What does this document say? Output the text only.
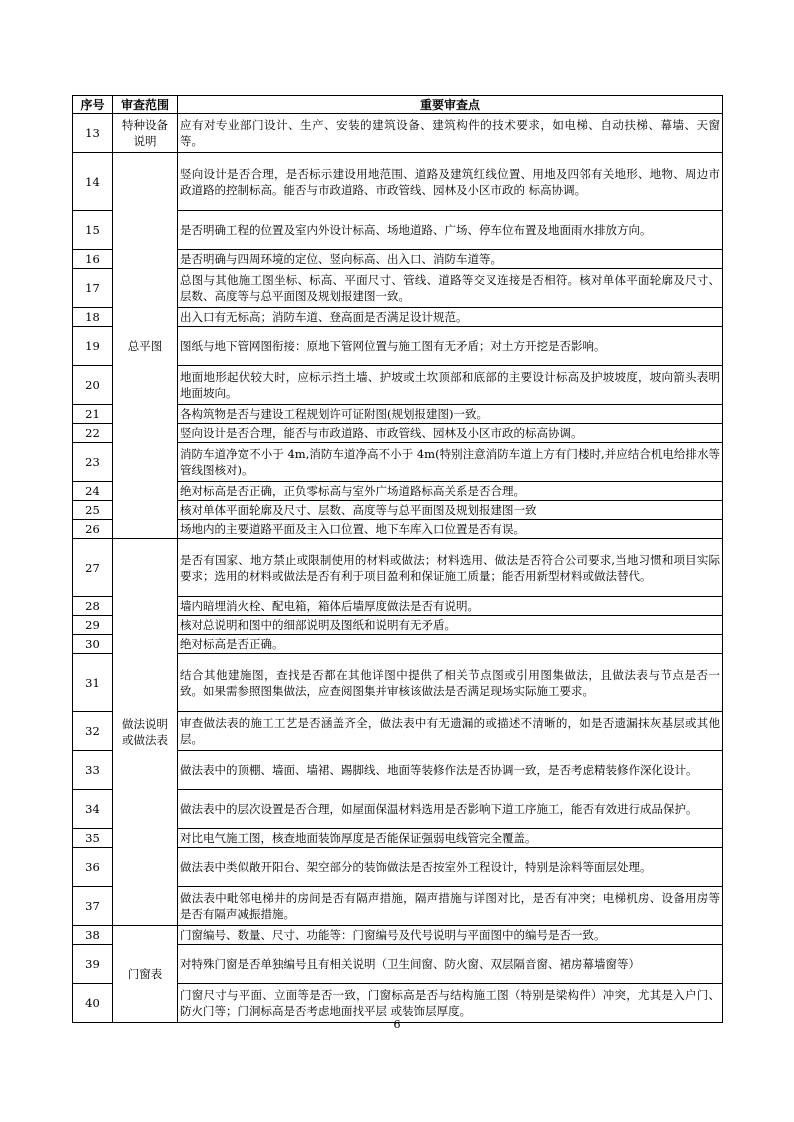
序号	审查范围	重要审查点
13	特种设备说明	应有对专业部门设计、生产、安装的建筑设备、建筑构件的技术要求，如电梯、自动扶梯、幕墙、天窗等。
14	总平图	竖向设计是否合理，是否标示建设用地范围、道路及建筑红线位置、用地及四邻有关地形、地物、周边市政道路的控制标高。能否与市政道路、市政管线、园林及小区市政的 标高协调。
15		是否明确工程的位置及室内外设计标高、场地道路、广场、停车位布置及地面雨水排放方向。
16		是否明确与四周环境的定位、竖向标高、出入口、消防车道等。
17		总图与其他施工图坐标、标高、平面尺寸、管线、道路等交叉连接是否相符。核对单体平面轮廓及尺寸、层数、高度等与总平面图及规划报建图一致。
18		出入口有无标高；消防车道、登高面是否满足设计规范。
19		图纸与地下管网图衔接：原地下管网位置与施工图有无矛盾；对土方开挖是否影响。
20		地面地形起伏较大时，应标示挡土墙、护坡或土坎顶部和底部的主要设计标高及护坡坡度，坡向箭头表明地面坡向。
21		各构筑物是否与建设工程规划许可证附图(规划报建图)一致。
22		竖向设计是否合理，能否与市政道路、市政管线、园林及小区市政的标高协调。
23		消防车道净宽不小于 4m,消防车道净高不小于 4m(特别注意消防车道上方有门楼时,并应结合机电给排水等管线图核对)。
24		绝对标高是否正确，正负零标高与室外广场道路标高关系是否合理。
25		核对单体平面轮廓及尺寸、层数、高度等与总平面图及规划报建图一致
26		场地内的主要道路平面及主入口位置、地下车库入口位置是否有误。
27	做法说明或做法表	是否有国家、地方禁止或限制使用的材料或做法；材料选用、做法是否符合公司要求,当地习惯和项目实际要求；选用的材料或做法是否有利于项目盈利和保证施工质量；能否用新型材料或做法替代。
28		墙内暗埋消火栓、配电箱，箱体后墙厚度做法是否有说明。
29		核对总说明和图中的细部说明及图纸和说明有无矛盾。
30		绝对标高是否正确。
31		结合其他建施图，查找是否都在其他详图中提供了相关节点图或引用图集做法，且做法表与节点是否一致。如果需参照图集做法，应查阅图集并审核该做法是否满足现场实际施工要求。
32		审查做法表的施工工艺是否涵盖齐全，做法表中有无遗漏的或描述不清晰的，如是否遗漏抹灰基层或其他层。
33		做法表中的顶棚、墙面、墙裙、踢脚线、地面等装修作法是否协调一致，是否考虑精装修作深化设计。
34		做法表中的层次设置是否合理，如屋面保温材料选用是否影响下道工序施工，能否有效进行成品保护。
35		对比电气施工图，核查地面装饰厚度是否能保证强弱电线管完全覆盖。
36		做法表中类似敞开阳台、架空部分的装饰做法是否按室外工程设计，特别是涂料等面层处理。
37		做法表中毗邻电梯井的房间是否有隔声措施，隔声措施与详图对比，是否有冲突；电梯机房、设备用房等是否有隔声减振措施。
38	门窗表	门窗编号、数量、尺寸、功能等：门窗编号及代号说明与平面图中的编号是否一致。
39		对特殊门窗是否单独编号且有相关说明（卫生间窗、防火窗、双层隔音窗、裙房幕墙窗等）
40		门窗尺寸与平面、立面等是否一致，门窗标高是否与结构施工图（特别是梁构件）冲突，尤其是入户门、防火门等；门洞标高是否考虑地面找平层 或装饰层厚度。
6
